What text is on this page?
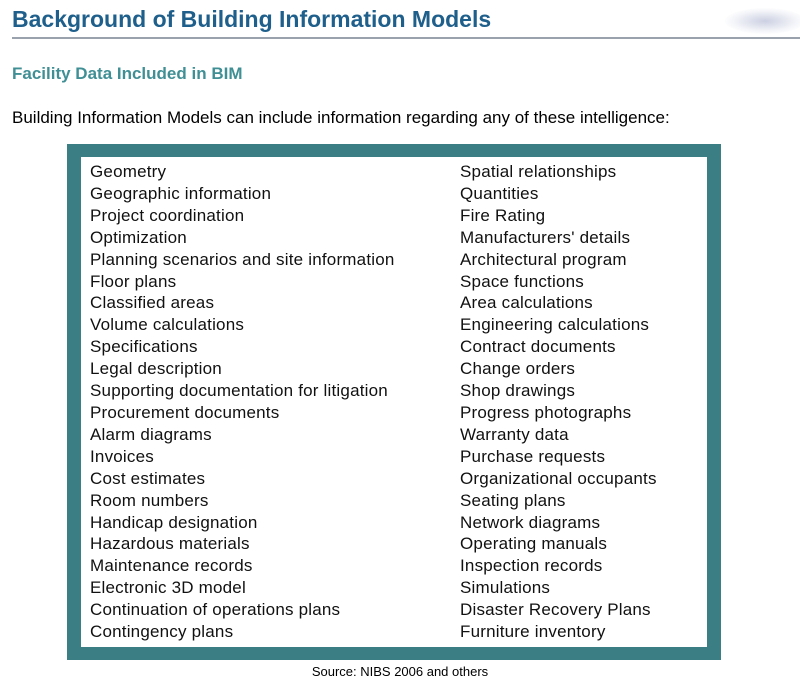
Background of Building Information Models
Facility Data Included in BIM

Building Information Models can include information regarding any of these intelligence:

Geometry
Geographic information
Project coordination
Optimization
Planning scenarios and site information
Floor plans
Classified areas
Volume calculations
Specifications
Legal description
Supporting documentation for litigation
Procurement documents
Alarm diagrams
Invoices
Cost estimates
Room numbers
Handicap designation
Hazardous materials
Maintenance records
Electronic 3D model
Continuation of operations plans
Contingency plans
Spatial relationships
Quantities
Fire Rating
Manufacturers' details
Architectural program
Space functions
Area calculations
Engineering calculations
Contract documents
Change orders
Shop drawings
Progress photographs
Warranty data
Purchase requests
Organizational occupants
Seating plans
Network diagrams
Operating manuals
Inspection records
Simulations
Disaster Recovery Plans
Furniture inventory

Source: NIBS 2006 and others
